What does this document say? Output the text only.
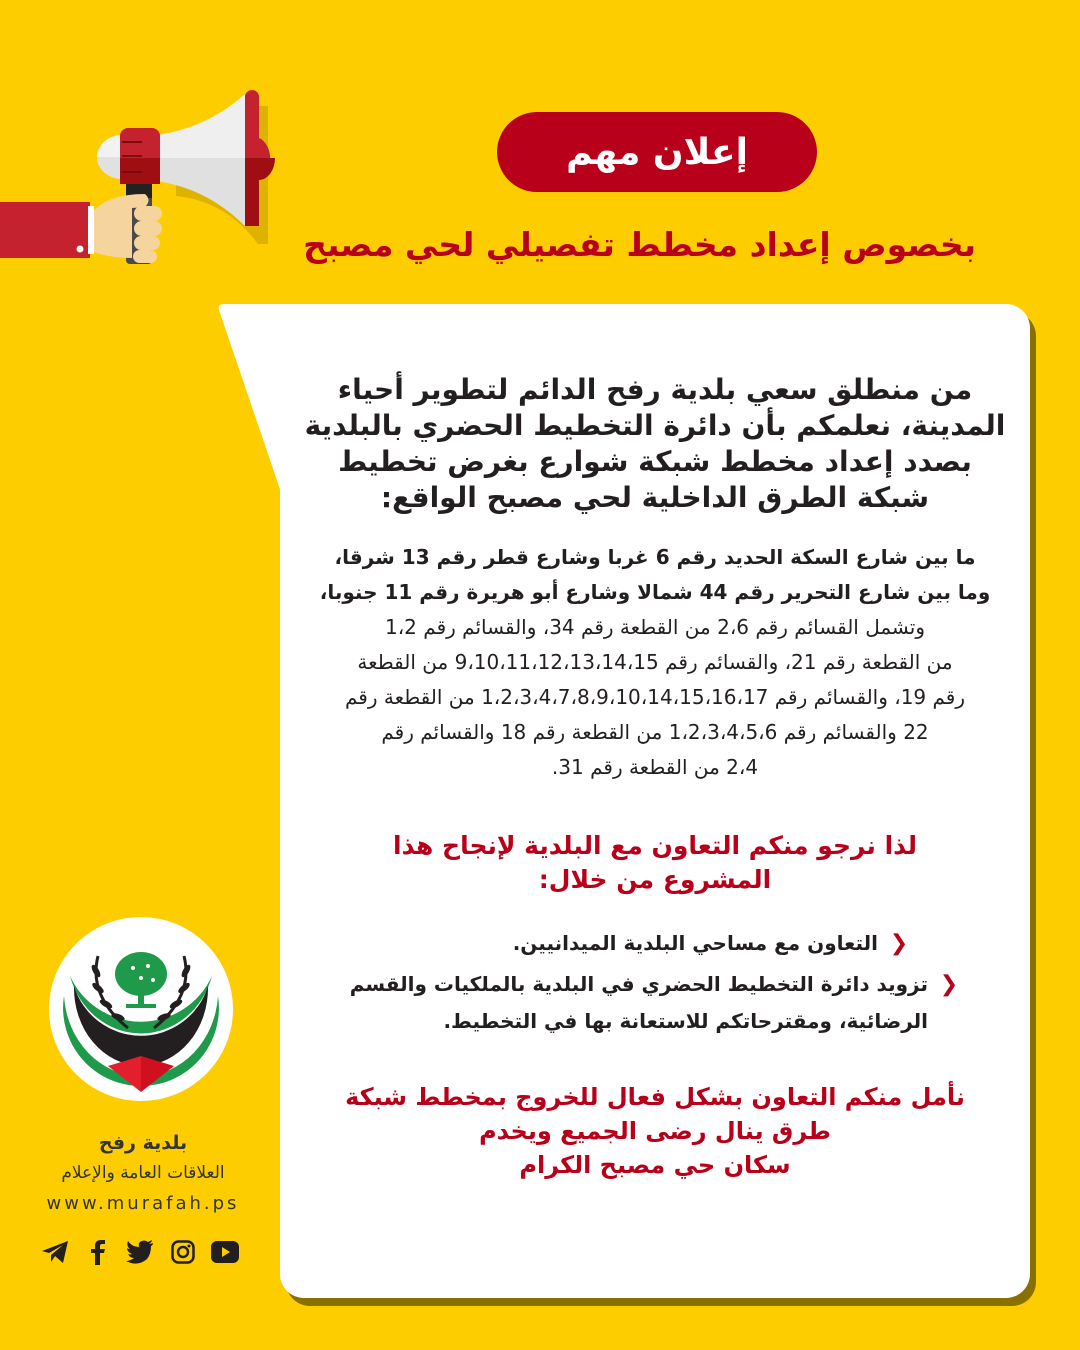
إعلان مهم
بخصوص إعداد مخطط تفصيلي لحي مصبح

من منطلق سعي بلدية رفح الدائم لتطوير أحياء المدينة، نعلمكم بأن دائرة التخطيط الحضري بالبلدية بصدد إعداد مخطط شبكة شوارع بغرض تخطيط شبكة الطرق الداخلية لحي مصبح الواقع:

ما بين شارع السكة الحديد رقم 6 غربا وشارع قطر رقم 13 شرقا،
وما بين شارع التحرير رقم 44 شمالا وشارع أبو هريرة رقم 11 جنوبا،
وتشمل القسائم رقم 2،6 من القطعة رقم 34، والقسائم رقم 1،2
من القطعة رقم 21، والقسائم رقم 9،10،11،12،13،14،15 من القطعة
رقم 19، والقسائم رقم 1،2،3،4،7،8،9،10،14،15،16،17 من القطعة رقم
22 والقسائم رقم 1،2،3،4،5،6 من القطعة رقم 18 والقسائم رقم
2،4 من القطعة رقم 31.

لذا نرجو منكم التعاون مع البلدية لإنجاح هذا المشروع من خلال:

❮
التعاون مع مساحي البلدية الميدانيين.
❮
تزويد دائرة التخطيط الحضري في البلدية بالملكيات والقسم الرضائية، ومقترحاتكم للاستعانة بها في التخطيط.
نأمل منكم التعاون بشكل فعال للخروج بمخطط شبكة
طرق ينال رضى الجميع ويخدم
سكان حي مصبح الكرام
بلدية رفح
بلدية رفح
العلاقات العامة والإعلام
www.murafah.ps
